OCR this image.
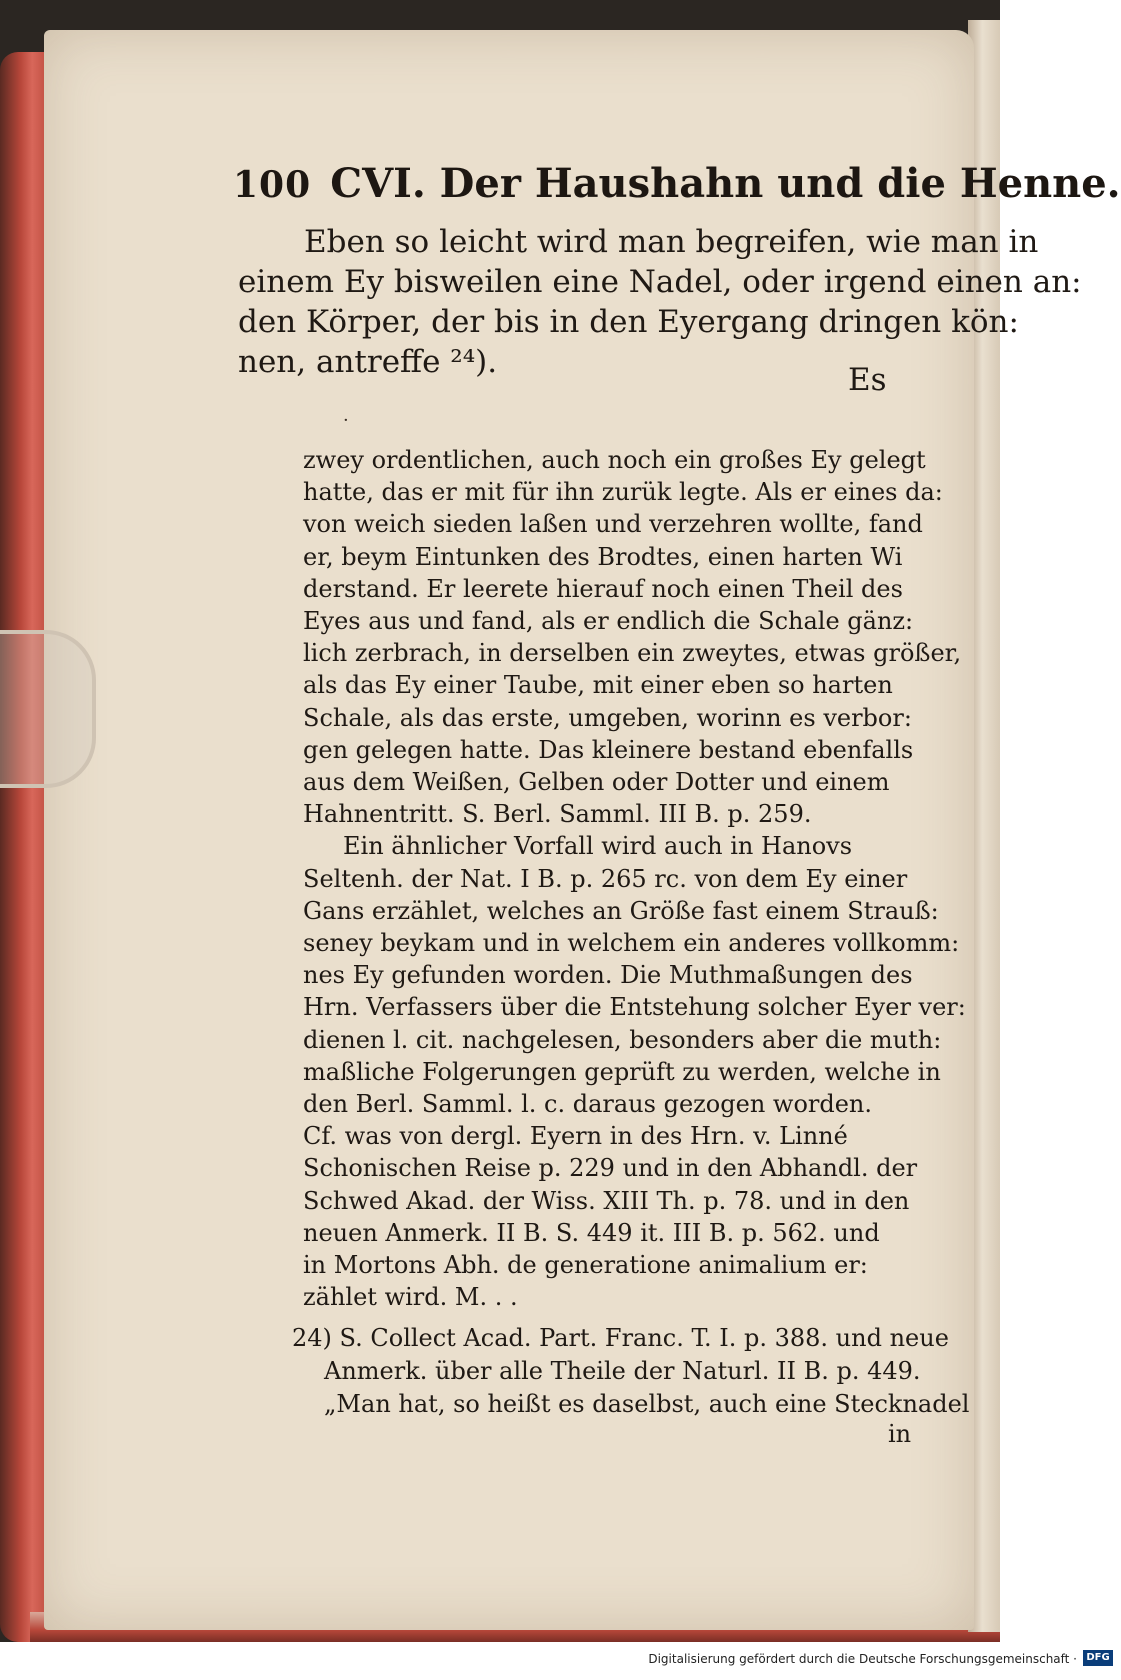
100 CVI. Der Haushahn und die Henne.
Eben so leicht wird man begreifen, wie man in
einem Ey bisweilen eine Nadel, oder irgend einen an:
den Körper, der bis in den Eyergang dringen kön:
nen, antreffe ²⁴).	Es
·
zwey ordentlichen, auch noch ein großes Ey gelegt
hatte, das er mit für ihn zurük legte. Als er eines da:
von weich sieden laßen und verzehren wollte, fand
er, beym Eintunken des Brodtes, einen harten Wi
derstand. Er leerete hierauf noch einen Theil des
Eyes aus und fand, als er endlich die Schale gänz:
lich zerbrach, in derselben ein zweytes, etwas größer,
als das Ey einer Taube, mit einer eben so harten
Schale, als das erste, umgeben, worinn es verbor:
gen gelegen hatte. Das kleinere bestand ebenfalls
aus dem Weißen, Gelben oder Dotter und einem
Hahnentritt. S. Berl. Samml. III B. p. 259.
Ein ähnlicher Vorfall wird auch in Hanovs
Seltenh. der Nat. I B. p. 265 rc. von dem Ey einer
Gans erzählet, welches an Größe fast einem Strauß:
seney beykam und in welchem ein anderes vollkomm:
nes Ey gefunden worden. Die Muthmaßungen des
Hrn. Verfassers über die Entstehung solcher Eyer ver:
dienen l. cit. nachgelesen, besonders aber die muth:
maßliche Folgerungen geprüft zu werden, welche in
den Berl. Samml. l. c. daraus gezogen worden.
Cf. was von dergl. Eyern in des Hrn. v. Linné
Schonischen Reise p. 229 und in den Abhandl. der
Schwed Akad. der Wiss. XIII Th. p. 78. und in den
neuen Anmerk. II B. S. 449 it. III B. p. 562. und
in Mortons Abh. de generatione animalium er:
zählet wird. M. . .
24) S. Collect Acad. Part. Franc. T. I. p. 388. und neue
Anmerk. über alle Theile der Naturl. II B. p. 449.
„Man hat, so heißt es daselbst, auch eine Stecknadel
in
Digitalisierung gefördert durch die Deutsche Forschungsgemeinschaft · DFG
